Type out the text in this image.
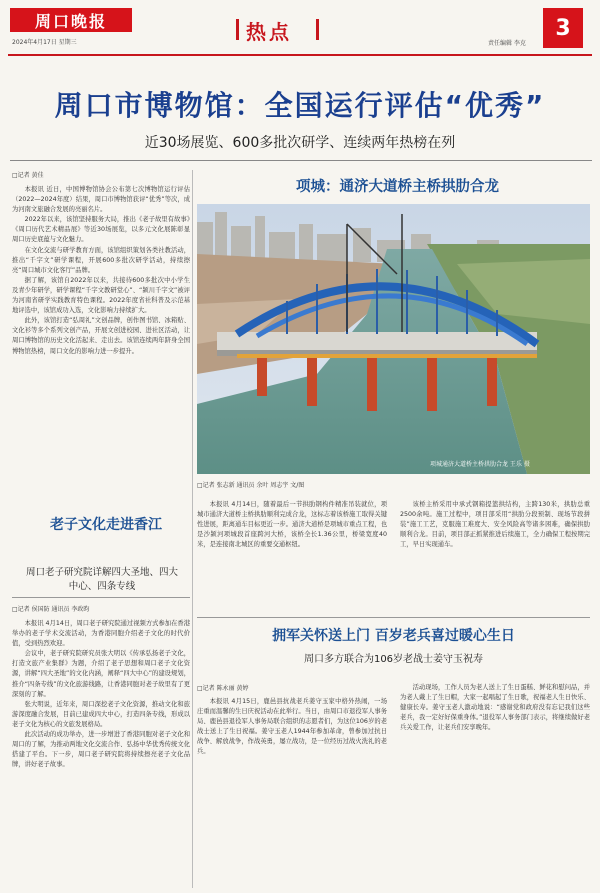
周口晚报
2024年4月17日 星期三	热点	责任编辑 李克
3
周口市博物馆：全国运行评估“优秀”
近30场展览、600多批次研学、连续两年热榜在列
□记者 黄佳

本报讯 近日，中国博物馆协会公布第七次博物馆运行评估（2022—2024年度）结果，周口市博物馆获评“优秀”等次，成为河南文旅融合发展的亮丽名片。

2022年以来，该馆坚持服务大局，推出《老子故里有故事》《周口历代艺术精品展》等近30场展览，以多元文化展陈彰显周口历史底蕴与文化魅力。

在文化交流与研学教育方面，该馆组织策划各类社教活动，推出“千字文”研学课程，开展600多批次研学活动，持续擦亮“周口城市文化客厅”品牌。

据了解，该馆自2022年以来，共接待600多批次中小学生及青少年研学，研学课程“千字文教研堂心”、“颍川千字文”被评为河南省研学实践教育特色课程。2022年度省社科普及示范基地评选中，该馆成功入选，文化影响力持续扩大。

此外，该馆打造“弘周礼”文创品牌，创作图书馆、冰箱贴、文化衫等多个系列文创产品，开展文创进校园、进社区活动，让周口博物馆的历史文化活起来、走出去。该馆连续两年跻身全国博物馆热榜，周口文化的影响力进一步提升。

老子文化走进香江
周口老子研究院详解四大圣地、四大中心、四条专线
□记者 侯国防 通讯员 李政昀

本报讯 4月14日，周口老子研究院通过视频方式参加在香港举办的老子学术交流活动，为香港同胞介绍老子文化的时代价值，受到热烈欢迎。

会议中，老子研究院研究员张大明以《传承弘扬老子文化，打造文旅产业集群》为题，介绍了老子思想和周口老子文化资源，讲解“四大圣地”的文化内涵，阐释“四大中心”的建设规划，推介“四条专线”的文化旅游线路，让香港同胞对老子故里有了更深刻的了解。

张大明说，近年来，周口深挖老子文化资源，推动文化和旅游深度融合发展，目前已建成四大中心，打造四条专线，形成以老子文化为核心的文旅发展格局。

此次活动的成功举办，进一步增进了香港同胞对老子文化和周口的了解，为推动两地文化交流合作、弘扬中华优秀传统文化搭建了平台。下一步，周口老子研究院将持续擦亮老子文化品牌，讲好老子故事。

项城：通济大道桥主桥拱肋合龙
项城通济大道桥主桥拱肋合龙 王乐 摄
□记者 张志新 通讯员 余叶 周志宇 文/图

本报讯 4月14日，随着最后一节拱肋钢构件精准吊装就位，项城市通济大道桥主桥拱肋顺利完成合龙，这标志着该桥施工取得关键性进展，距离通车目标更近一步。通济大道桥是项城市重点工程，也是沙颍河项城段首座跨河大桥，该桥全长1.36公里，桥梁宽度40米，是连接南北城区的重要交通枢纽。

该桥主桥采用中承式钢箱提篮拱结构，主跨130米，拱肋总重2500余吨。施工过程中，项目部采用“拱肋分段预制、现场节段拼装”施工工艺，克服施工难度大、安全风险高等诸多困难，确保拱肋顺利合龙。目前，项目部正抓紧推进后续施工，全力确保工程按期完工，早日实现通车。

拥军关怀送上门 百岁老兵喜过暖心生日
周口多方联合为106岁老战士姜守玉祝寿
□记者 陈永丽 黄婷

本报讯 4月15日，鹿邑县抗战老兵姜守玉家中格外热闹，一场庄重而温馨的生日庆祝活动在此举行。当日，由周口市退役军人事务局、鹿邑县退役军人事务局联合组织的志愿者们，为这位106岁的老战士送上了生日祝福。姜守玉老人1944年参加革命，曾参加过抗日战争、解放战争，作战英勇，屡立战功，是一位经历过战火洗礼的老兵。

活动现场，工作人员为老人送上了生日蛋糕、鲜花和慰问品，并为老人戴上了生日帽，大家一起唱起了生日歌，祝福老人生日快乐、健康长寿。姜守玉老人激动地说：“感谢党和政府没有忘记我们这些老兵，我一定好好保重身体。”退役军人事务部门表示，将继续做好老兵关爱工作，让老兵们安享晚年。
